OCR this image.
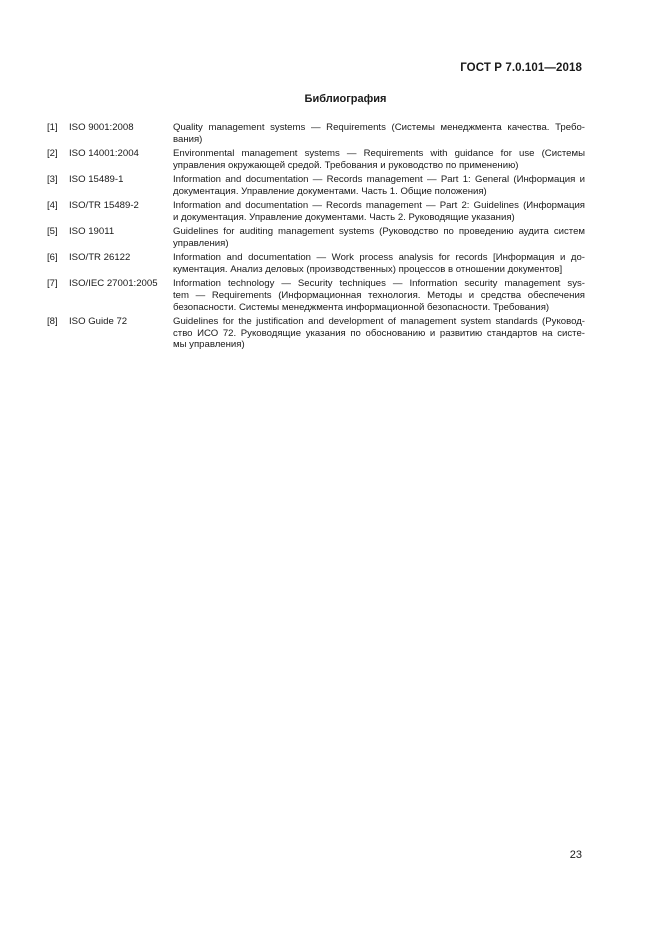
ГОСТ Р 7.0.101—2018
Библиография
[1]	ISO 9001:2008	Quality management systems — Requirements (Системы менеджмента качества. Требо-
вания)
[2]	ISO 14001:2004	Environmental management systems — Requirements with guidance for use (Системы
управления окружающей средой. Требования и руководство по применению)
[3]	ISO 15489-1	Information and documentation — Records management — Part 1: General (Информация и
документация. Управление документами. Часть 1. Общие положения)
[4]	ISO/TR 15489-2	Information and documentation — Records management — Part 2: Guidelines (Информация
и документация. Управление документами. Часть 2. Руководящие указания)
[5]	ISO 19011	Guidelines for auditing management systems (Руководство по проведению аудита систем
управления)
[6]	ISO/TR 26122	Information and documentation — Work process analysis for records [Информация и до-
кументация. Анализ деловых (производственных) процессов в отношении документов]
[7]	ISO/IEC 27001:2005	Information technology — Security techniques — Information security management sys-
tem — Requirements (Информационная технология. Методы и средства обеспечения
безопасности. Системы менеджмента информационной безопасности. Требования)
[8]	ISO Guide 72	Guidelines for the justification and development of management system standards (Руковод-
ство ИСО 72. Руководящие указания по обоснованию и развитию стандартов на систе-
мы управления)
23
